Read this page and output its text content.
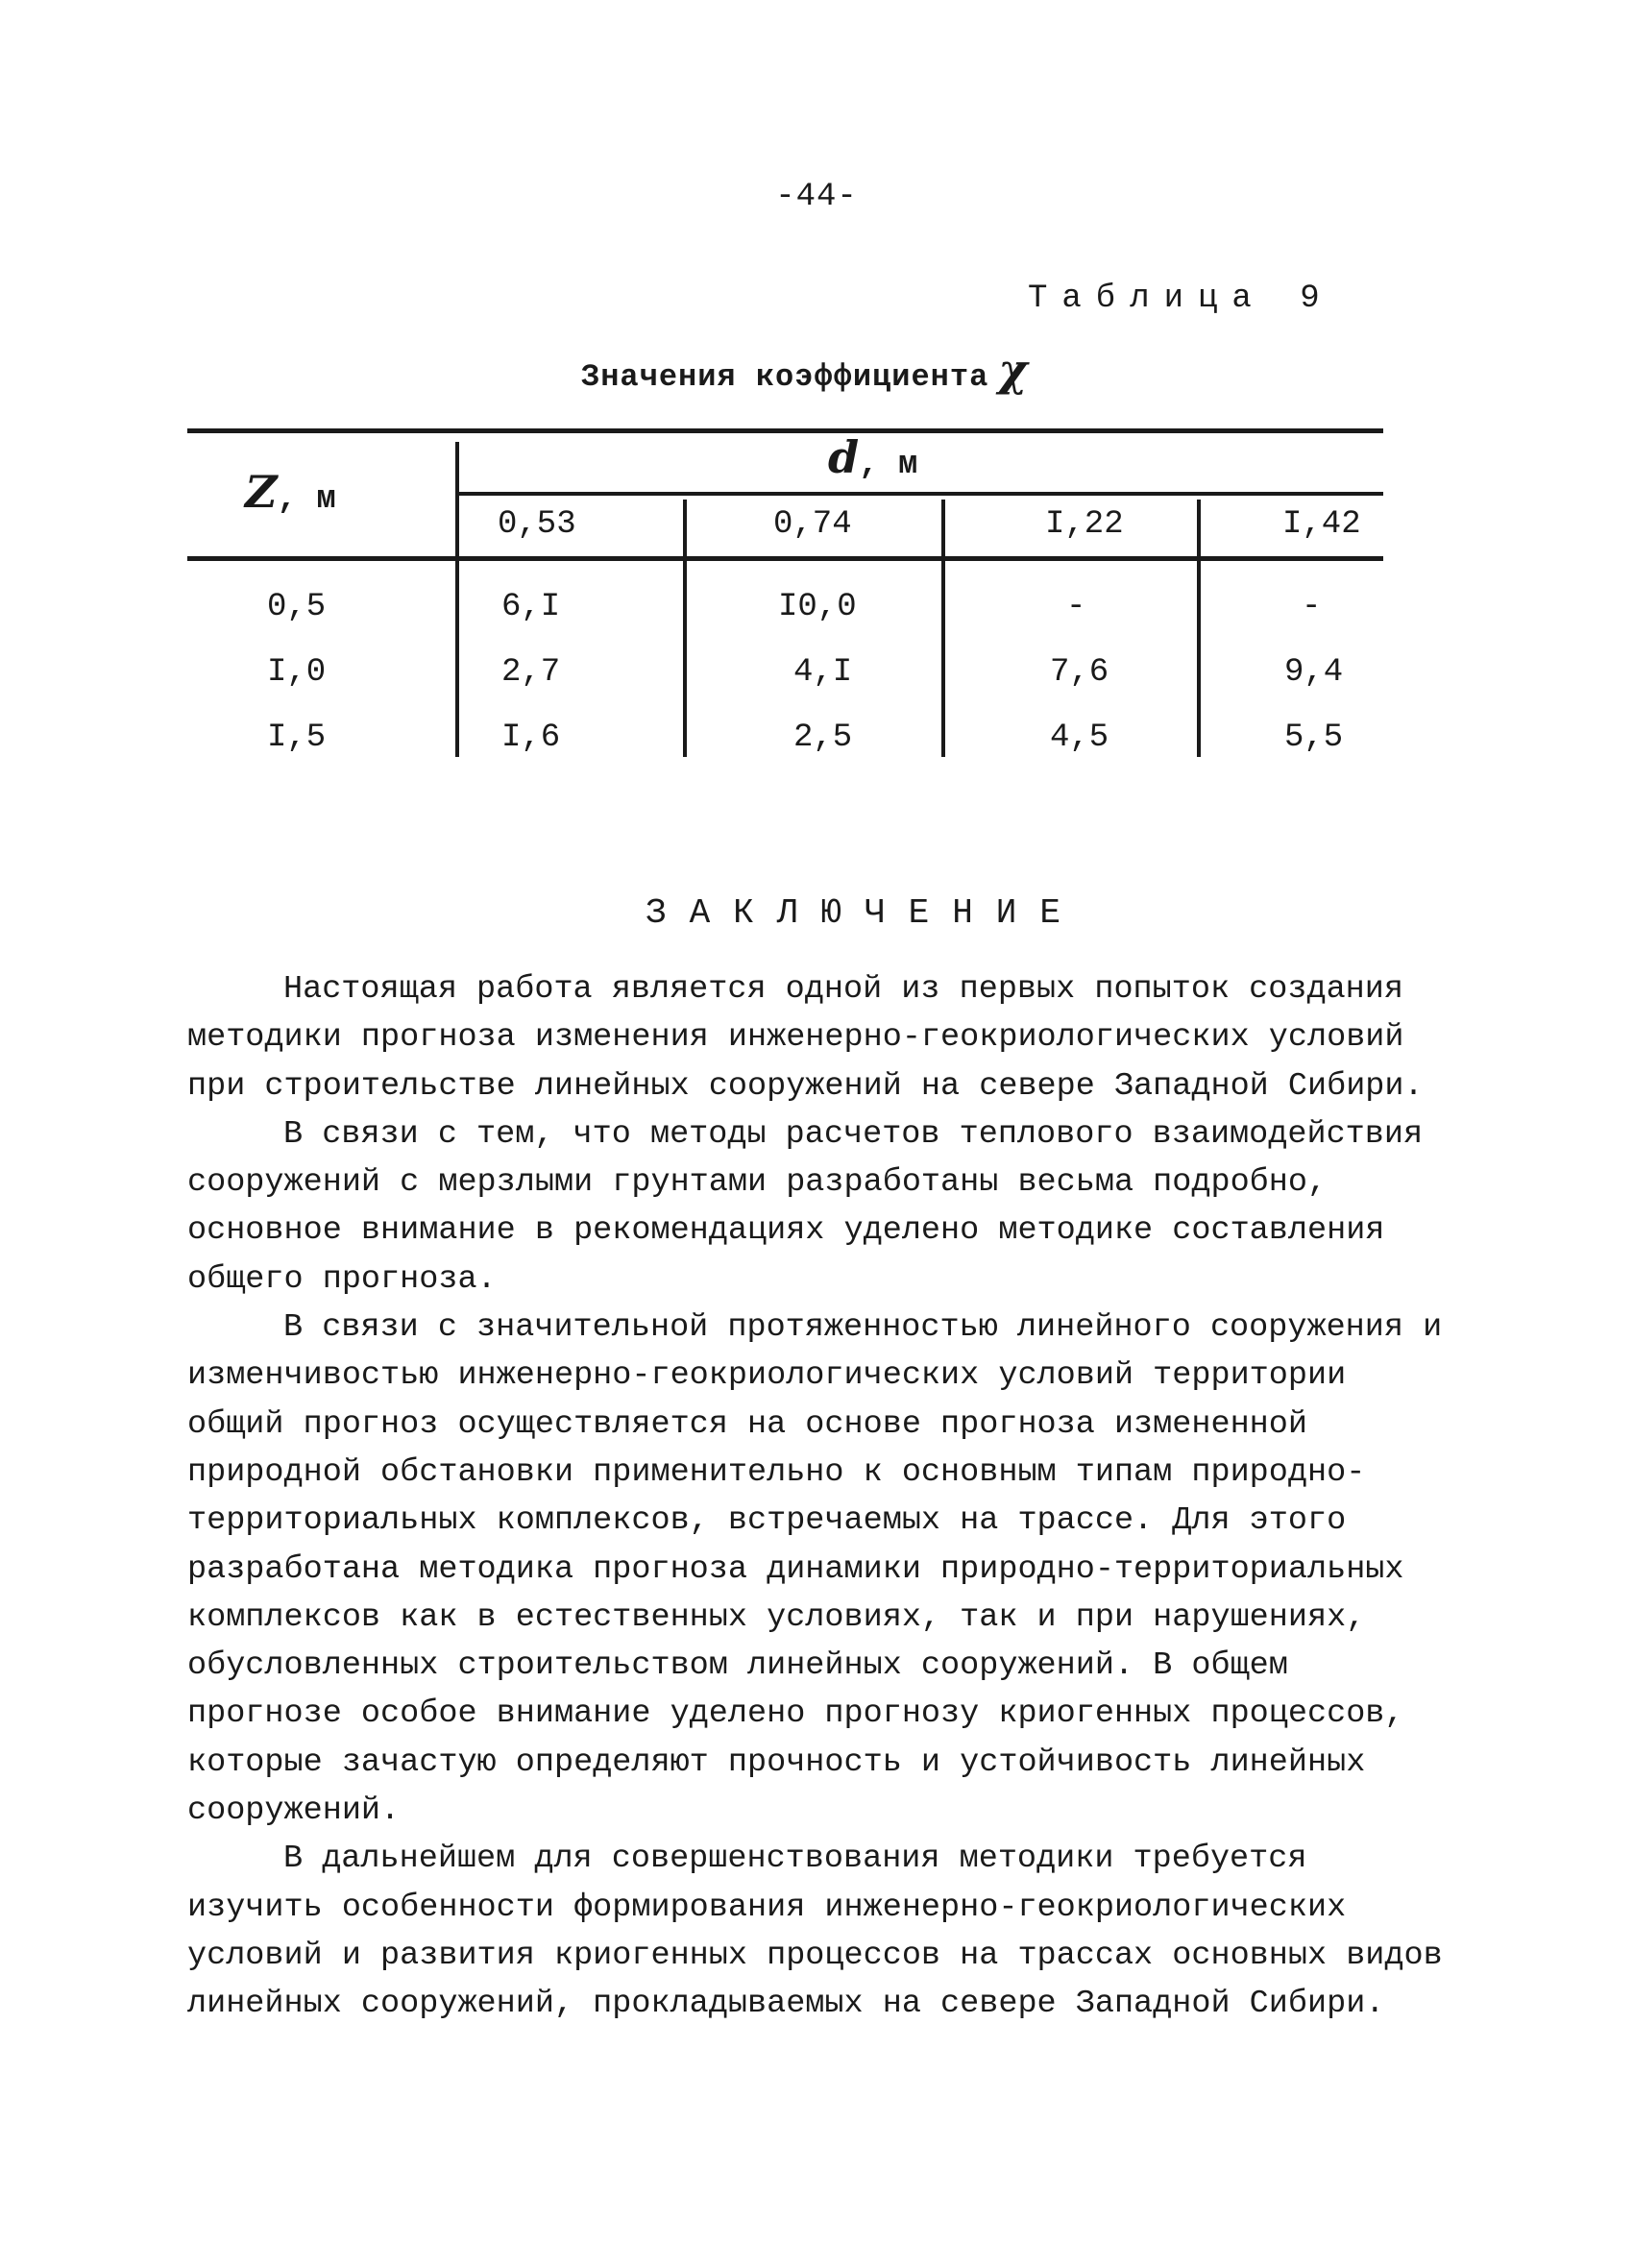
-44-
Таблица 9
Значения коэффициента χ
Z, м
d, м
0,53	0,74	I,22	I,42
0,5	6,I	I0,0	-	-
I,0	2,7	4,I	7,6	9,4
I,5	I,6	2,5	4,5	5,5
ЗАКЛЮЧЕНИЕ

Настоящая работа является одной из первых попыток создания методики прогноза изменения инженерно-геокриологических условий при строительстве линейных сооружений на севере Западной Сибири.

В связи с тем, что методы расчетов теплового взаимодействия сооружений с мерзлыми грунтами разработаны весьма подробно, основное внимание в рекомендациях уделено методике составления общего прогноза.

В связи с значительной протяженностью линейного сооружения и изменчивостью инженерно-геокриологических условий территории общий прогноз осуществляется на основе прогноза измененной природной обстановки применительно к основным типам природно-территориальных комплексов, встречаемых на трассе. Для этого разработана методика прогноза динамики природно-территориальных комплексов как в естественных условиях, так и при нарушениях, обусловленных строительством линейных сооружений. В общем прогнозе особое внимание уделено прогнозу криогенных процессов, которые зачастую определяют прочность и устойчивость линейных сооружений.

В дальнейшем для совершенствования методики требуется изучить особенности формирования инженерно-геокриологических условий и развития криогенных процессов на трассах основных видов линейных сооружений, прокладываемых на севере Западной Сибири.
